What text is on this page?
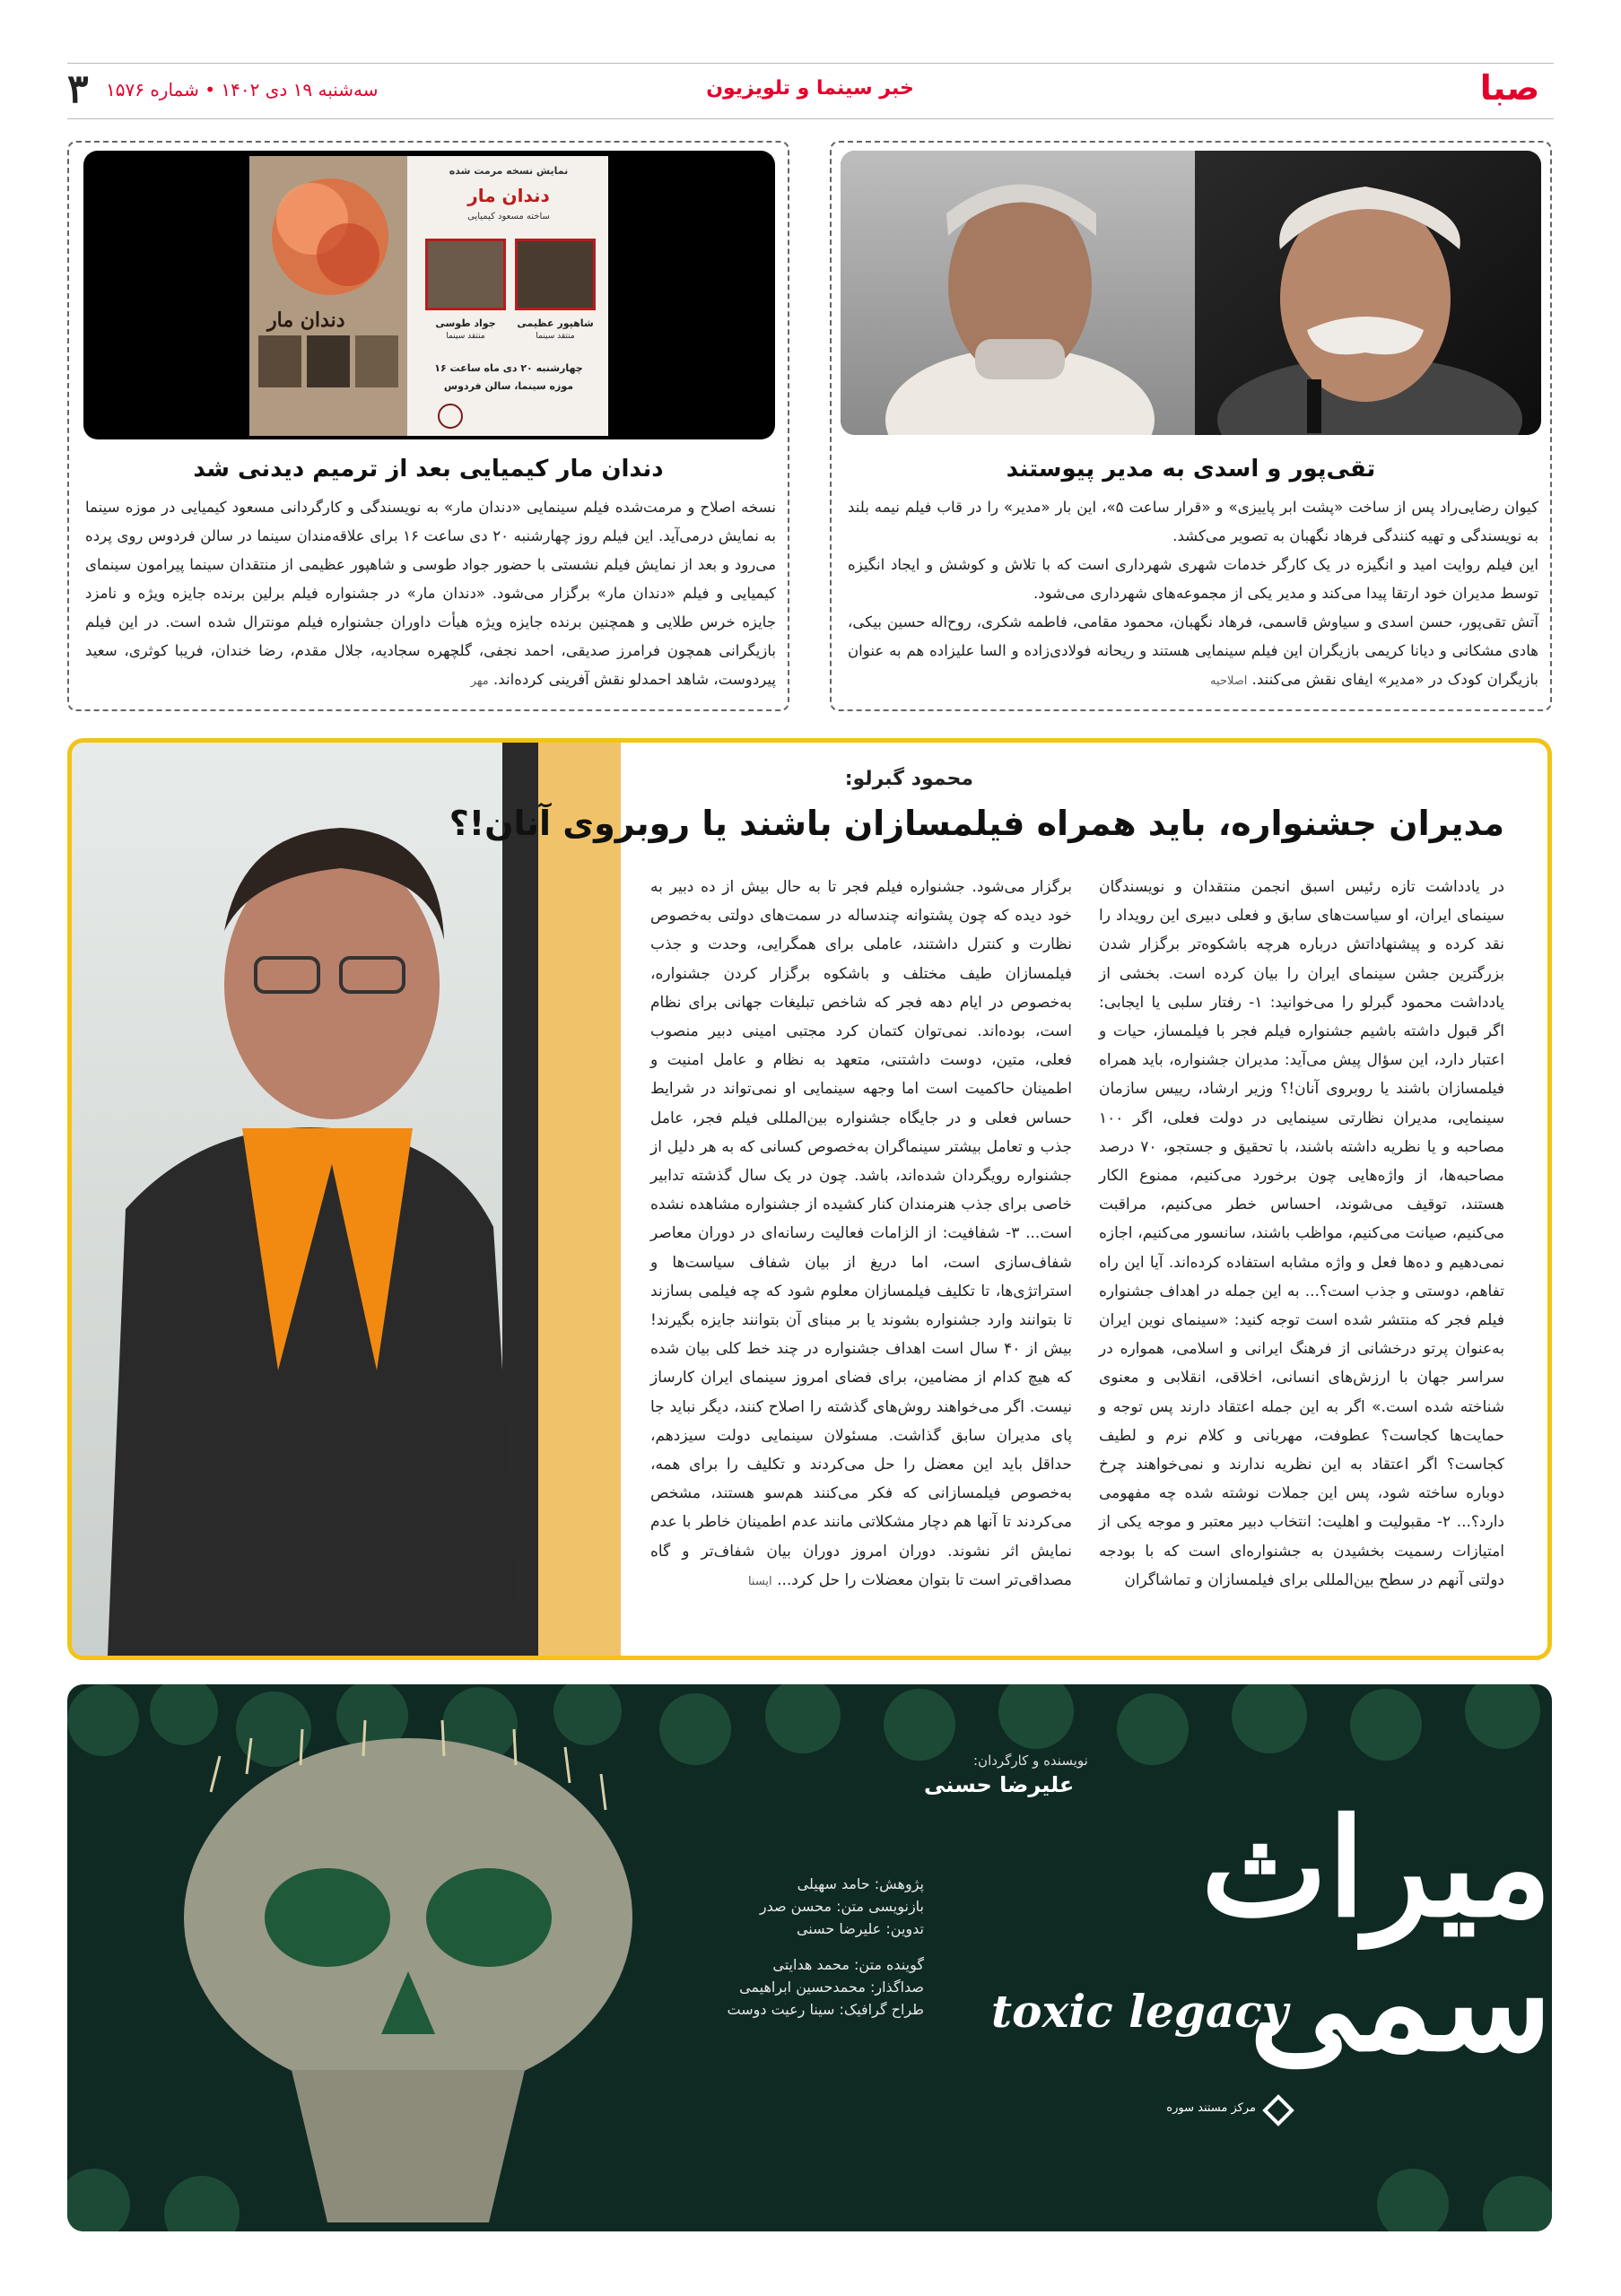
۳ سه‌شنبه ۱۹ دی ۱۴۰۲ • شماره ۱۵۷۶	خبر سینما و تلویزیون	صبا
تقی‌پور و اسدی به مدیر پیوستند
کیوان رضایی‌راد پس از ساخت «پشت ابر پاییزی» و «قرار ساعت ۵»، این بار «مدیر» را در قاب فیلم نیمه بلند به نویسندگی و تهیه کنندگی فرهاد نگهبان به تصویر می‌کشد.
این فیلم روایت امید و انگیزه در یک کارگر خدمات شهری شهرداری است که با تلاش و کوشش و ایجاد انگیزه توسط مدیران خود ارتقا پیدا می‌کند و مدیر یکی از مجموعه‌های شهرداری می‌شود.
آتش تقی‌پور، حسن اسدی و سیاوش قاسمی، فرهاد نگهبان، محمود مقامی، فاطمه شکری، روح‌اله حسین بیکی، هادی مشکانی و دیانا کریمی بازیگران این فیلم سینمایی هستند و ریحانه فولادی‌زاده و السا علیزاده هم به عنوان بازیگران کودک در «مدیر» ایفای نقش می‌کنند. اصلاحیه
دندان مار
نمایش نسخه مرمت شده
دندان مار
ساخته مسعود کیمیایی
شاهپور عظیمی
منتقد سینما
جواد طوسی
منتقد سینما
چهارشنبه ۲۰ دی ماه ساعت ۱۶
موزه سینما، سالن فردوس
دندان مار کیمیایی بعد از ترمیم دیدنی شد
نسخه اصلاح و مرمت‌شده فیلم سینمایی «دندان مار» به نویسندگی و کارگردانی مسعود کیمیایی در موزه سینما به نمایش درمی‌آید. این فیلم روز چهارشنبه ۲۰ دی ساعت ۱۶ برای علاقه‌مندان سینما در سالن فردوس روی پرده می‌رود و بعد از نمایش فیلم نشستی با حضور جواد طوسی و شاهپور عظیمی از منتقدان سینما پیرامون سینمای کیمیایی و فیلم «دندان مار» برگزار می‌شود. «دندان مار» در جشنواره فیلم برلین برنده جایزه ویژه و نامزد جایزه خرس طلایی و همچنین برنده جایزه ویژه هیأت داوران جشنواره فیلم مونترال شده است. در این فیلم بازیگرانی همچون فرامرز صدیقی، احمد نجفی، گلچهره سجادیه، جلال مقدم، رضا خندان، فریبا کوثری، سعید پیردوست، شاهد احمدلو نقش آفرینی کرده‌اند. مهر
محمود گبرلو:
مدیران جشنواره، باید همراه فیلمسازان باشند یا روبروی آنان!؟
در یادداشت تازه رئیس اسبق انجمن منتقدان و نویسندگان سینمای ایران، او سیاست‌های سابق و فعلی دبیری این رویداد را نقد کرده و پیشنهاداتش درباره هرچه باشکوه‌تر برگزار شدن بزرگترین جشن سینمای ایران را بیان کرده است. بخشی از یادداشت محمود گبرلو را می‌خوانید: ۱- رفتار سلبی یا ایجابی: اگر قبول داشته باشیم جشنواره فیلم فجر با فیلمساز، حیات و اعتبار دارد، این سؤال پیش می‌آید: مدیران جشنواره، باید همراه فیلمسازان باشند یا روبروی آنان!؟ وزیر ارشاد، رییس سازمان سینمایی، مدیران نظارتی سینمایی در دولت فعلی، اگر ۱۰۰ مصاحبه و یا نظریه داشته باشند، با تحقیق و جستجو، ۷۰ درصد مصاحبه‌ها، از واژه‌هایی چون برخورد می‌کنیم، ممنوع الکار هستند، توقیف می‌شوند، احساس خطر می‌کنیم، مراقبت می‌کنیم، صیانت می‌کنیم، مواظب باشند، سانسور می‌کنیم، اجازه نمی‌دهیم و ده‌ها فعل و واژه مشابه استفاده کرده‌اند. آیا این راه تفاهم، دوستی و جذب است؟... به این جمله در اهداف جشنواره فیلم فجر که منتشر شده است توجه کنید: «سینمای نوین ایران به‌عنوان پرتو درخشانی از فرهنگ ایرانی و اسلامی، همواره در سراسر جهان با ارزش‌های انسانی، اخلاقی، انقلابی و معنوی شناخته شده است.» اگر به این جمله اعتقاد دارند پس توجه و حمایت‌ها کجاست؟ عطوفت، مهربانی و کلام نرم و لطیف کجاست؟ اگر اعتقاد به این نظریه ندارند و نمی‌خواهند چرخ دوباره ساخته شود، پس این جملات نوشته شده چه مفهومی دارد؟... ۲- مقبولیت و اهلیت: انتخاب دبیر معتبر و موجه یکی از امتیازات رسمیت بخشیدن به جشنواره‌ای است که با بودجه دولتی آنهم در سطح بین‌المللی برای فیلمسازان و تماشاگران
برگزار می‌شود. جشنواره فیلم فجر تا به حال بیش از ده دبیر به خود دیده که چون پشتوانه چندساله در سمت‌های دولتی به‌خصوص نظارت و کنترل داشتند، عاملی برای همگرایی، وحدت و جذب فیلمسازان طیف مختلف و باشکوه برگزار کردن جشنواره، به‌خصوص در ایام دهه فجر که شاخص تبلیغات جهانی برای نظام است، بوده‌اند. نمی‌توان کتمان کرد مجتبی امینی دبیر منصوب فعلی، متین، دوست داشتنی، متعهد به نظام و عامل امنیت و اطمینان حاکمیت است اما وجهه سینمایی او نمی‌تواند در شرایط حساس فعلی و در جایگاه جشنواره بین‌المللی فیلم فجر، عامل جذب و تعامل بیشتر سینماگران به‌خصوص کسانی که به هر دلیل از جشنواره رویگردان شده‌اند، باشد. چون در یک سال گذشته تدابیر خاصی برای جذب هنرمندان کنار کشیده از جشنواره مشاهده نشده است... ۳- شفافیت: از الزامات فعالیت رسانه‌ای در دوران معاصر شفاف‌سازی است، اما دریغ از بیان شفاف سیاست‌ها و استراتژی‌ها، تا تکلیف فیلمسازان معلوم شود که چه فیلمی بسازند تا بتوانند وارد جشنواره بشوند یا بر مبنای آن بتوانند جایزه بگیرند! بیش از ۴۰ سال است اهداف جشنواره در چند خط کلی بیان شده که هیچ کدام از مضامین، برای فضای امروز سینمای ایران کارساز نیست. اگر می‌خواهند روش‌های گذشته را اصلاح کنند، دیگر نباید جا پای مدیران سابق گذاشت. مسئولان سینمایی دولت سیزدهم، حداقل باید این معضل را حل می‌کردند و تکلیف را برای همه، به‌خصوص فیلمسازانی که فکر می‌کنند هم‌سو هستند، مشخص می‌کردند تا آنها هم دچار مشکلاتی مانند عدم اطمینان خاطر با عدم نمایش اثر نشوند. دوران امروز دوران بیان شفاف‌تر و گاه مصداقی‌تر است تا بتوان معضلات را حل کرد... ایسنا
نویسنده و کارگردان:
علیرضا حسنی
میراث سمی
toxic legacy
پژوهش: حامد سهیلی
بازنویسی متن: محسن صدر
تدوین: علیرضا حسنی
گوینده متن: محمد هدایتی
صداگذار: محمدحسین ابراهیمی
طراح گرافیک: سینا رعیت دوست
مرکز مستند سوره
